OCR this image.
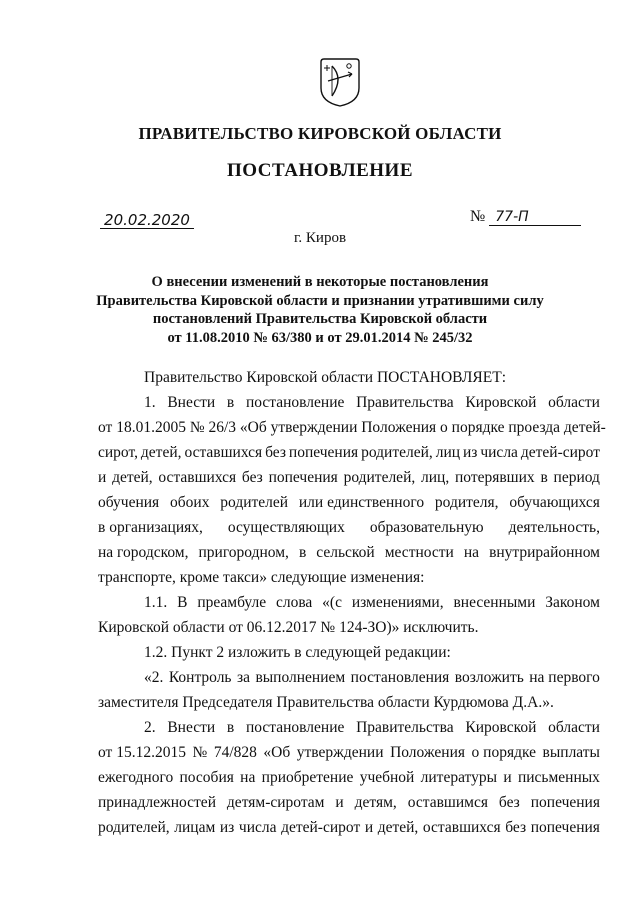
ПРАВИТЕЛЬСТВО КИРОВСКОЙ ОБЛАСТИ
ПОСТАНОВЛЕНИЕ
20.02.2020	№ 77-П
г. Киров
О внесении изменений в некоторые постановления
Правительства Кировской области и признании утратившими силу
постановлений Правительства Кировской области
от 11.08.2010 № 63/380 и от 29.01.2014 № 245/32
Правительство Кировской области ПОСТАНОВЛЯЕТ:
1. Внести в постановление Правительства Кировской области
от 18.01.2005 № 26/3 «Об утверждении Положения о порядке проезда детей-
сирот, детей, оставшихся без попечения родителей, лиц из числа детей-сирот
и детей, оставшихся без попечения родителей, лиц, потерявших в период
обучения обоих родителей или единственного родителя, обучающихся
в организациях, осуществляющих образовательную деятельность,
на городском, пригородном, в сельской местности на внутрирайонном
транспорте, кроме такси» следующие изменения:
1.1. В преамбуле слова «(с изменениями, внесенными Законом
Кировской области от 06.12.2017 № 124-ЗО)» исключить.
1.2. Пункт 2 изложить в следующей редакции:
«2. Контроль за выполнением постановления возложить на первого
заместителя Председателя Правительства области Курдюмова Д.А.».
2. Внести в постановление Правительства Кировской области
от 15.12.2015 № 74/828 «Об утверждении Положения о порядке выплаты
ежегодного пособия на приобретение учебной литературы и письменных
принадлежностей детям-сиротам и детям, оставшимся без попечения
родителей, лицам из числа детей-сирот и детей, оставшихся без попечения
